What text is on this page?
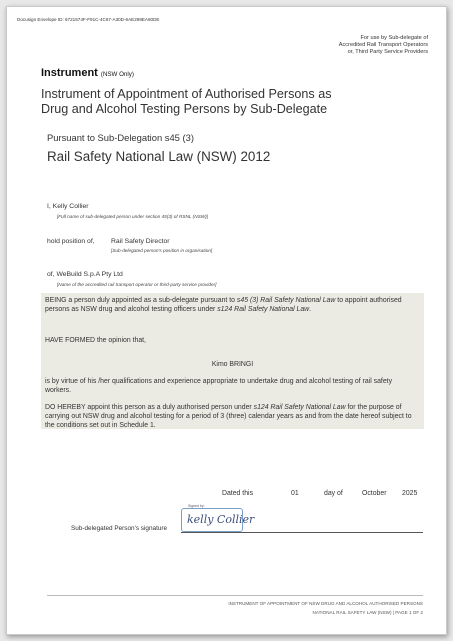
Docusign Envelope ID: 6721574F-F91C-4C67-A30D-6AE298EA60DE
For use by Sub-delegate of
Accredited Rail Transport Operators
or, Third Party Service Providers
Instrument (NSW Only)
Instrument of Appointment of Authorised Persons as
Drug and Alcohol Testing Persons by Sub-Delegate
Pursuant to Sub-Delegation s45 (3)
Rail Safety National Law (NSW) 2012
I, Kelly Collier
[Full name of sub-delegated person under section 45(3) of RSNL (NSW)]
hold position of, Rail Safety Director
[Sub-delegated person's position in organisation]
of, WeBuild S.p.A Pty Ltd
[Name of the accredited rail transport operator or third-party service provider]
BEING a person duly appointed as a sub-delegate pursuant to s45 (3) Rail Safety National Law to appoint authorised persons as NSW drug and alcohol testing officers under s124 Rail Safety National Law.
HAVE FORMED the opinion that,
Kimo BRINGI
is by virtue of his /her qualifications and experience appropriate to undertake drug and alcohol testing of rail safety workers.
DO HEREBY appoint this person as a duly authorised person under s124 Rail Safety National Law for the purpose of carrying out NSW drug and alcohol testing for a period of 3 (three) calendar years as and from the date hereof subject to the conditions set out in Schedule 1.
Dated this	01	day of	October 2025
Sub-delegated Person's signature
Signed by:
kelly Collier
INSTRUMENT OF APPOINTMENT OF NSW DRUG AND ALCOHOL AUTHORISED PERSONS
NATIONAL RAIL SAFETY LAW (NSW) | PAGE 1 OF 2
